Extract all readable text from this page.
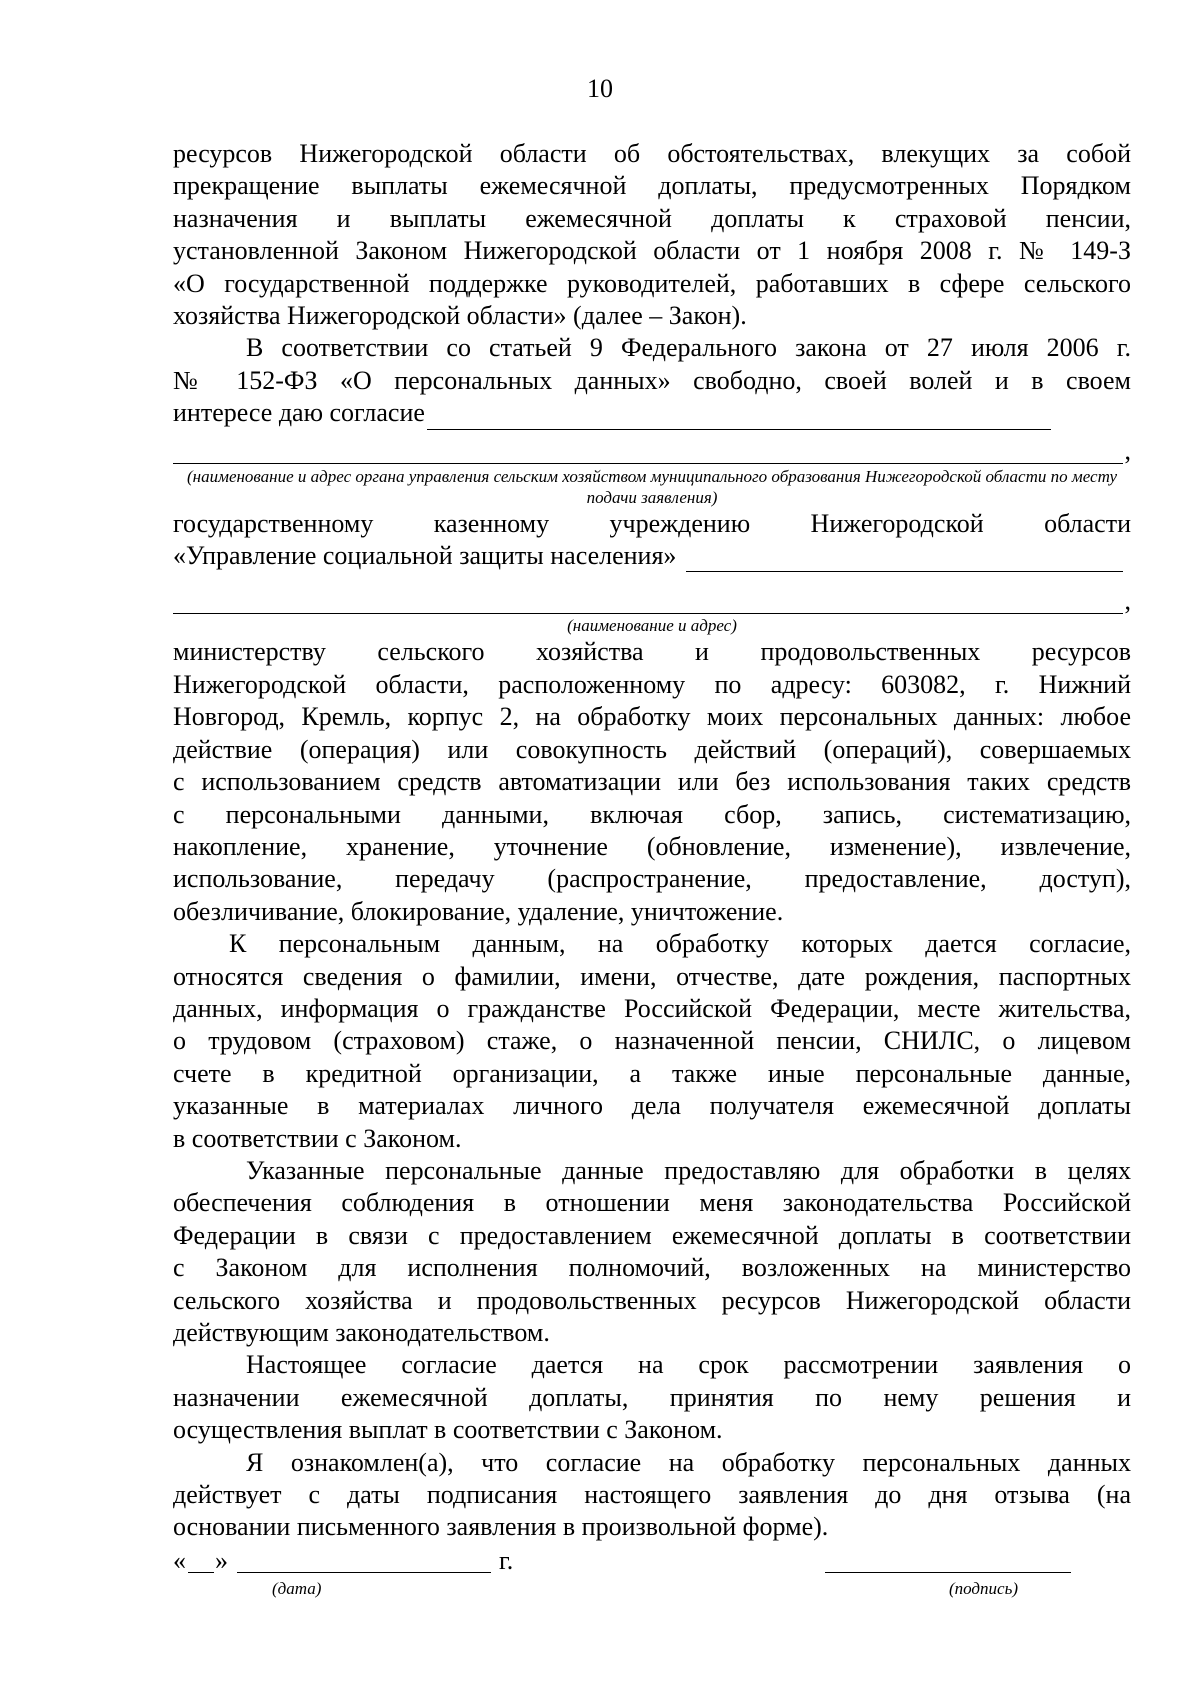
10

ресурсов Нижегородской области об обстоятельствах, влекущих за собой

прекращение выплаты ежемесячной доплаты, предусмотренных Порядком

назначения и выплаты ежемесячной доплаты к страховой пенсии,

установленной Законом Нижегородской области от 1 ноября 2008 г. № 149-З

«О государственной поддержке руководителей, работавших в сфере сельского

хозяйства Нижегородской области» (далее – Закон).

В соответствии со статьей 9 Федерального закона от 27 июля 2006 г.

№ 152-ФЗ «О персональных данных» свободно, своей волей и в своем

интересе даю согласие
,
(наименование и адрес органа управления сельским хозяйством муниципального образования Нижегородской области по месту подачи заявления)

государственному казенному учреждению Нижегородской области

«Управление социальной защиты населения»
,
(наименование и адрес)

министерству сельского хозяйства и продовольственных ресурсов

Нижегородской области, расположенному по адресу: 603082, г. Нижний

Новгород, Кремль, корпус 2, на обработку моих персональных данных: любое

действие (операция) или совокупность действий (операций), совершаемых

с использованием средств автоматизации или без использования таких средств

с персональными данными, включая сбор, запись, систематизацию,

накопление, хранение, уточнение (обновление, изменение), извлечение,

использование, передачу (распространение, предоставление, доступ),

обезличивание, блокирование, удаление, уничтожение.

К персональным данным, на обработку которых дается согласие,

относятся сведения о фамилии, имени, отчестве, дате рождения, паспортных

данных, информация о гражданстве Российской Федерации, месте жительства,

о трудовом (страховом) стаже, о назначенной пенсии, СНИЛС, о лицевом

счете в кредитной организации, а также иные персональные данные,

указанные в материалах личного дела получателя ежемесячной доплаты

в соответствии с Законом.

Указанные персональные данные предоставляю для обработки в целях

обеспечения соблюдения в отношении меня законодательства Российской

Федерации в связи с предоставлением ежемесячной доплаты в соответствии

с Законом для исполнения полномочий, возложенных на министерство

сельского хозяйства и продовольственных ресурсов Нижегородской области

действующим законодательством.

Настоящее согласие дается на срок рассмотрении заявления о

назначении ежемесячной доплаты, принятия по нему решения и

осуществления выплат в соответствии с Законом.

Я ознакомлен(а), что согласие на обработку персональных данных

действует с даты подписания настоящего заявления до дня отзыва (на

основании письменного заявления в произвольной форме).

« »	г.
(дата)	(подпись)
